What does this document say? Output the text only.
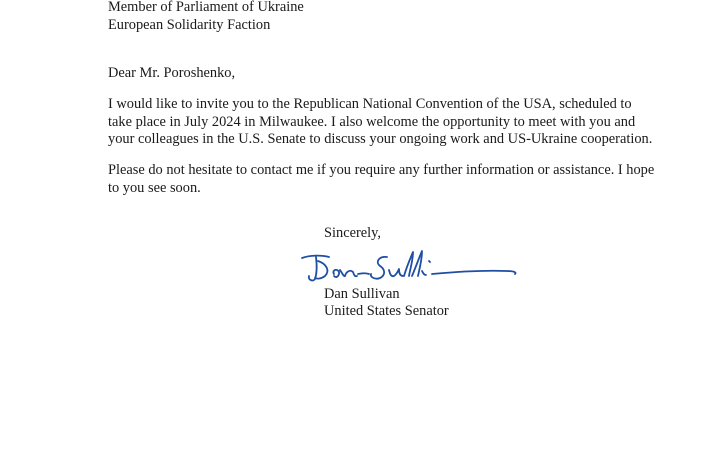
Member of Parliament of Ukraine
European Solidarity Faction
Dear Mr. Poroshenko,
I would like to invite you to the Republican National Convention of the USA, scheduled to
take place in July 2024 in Milwaukee. I also welcome the opportunity to meet with you and
your colleagues in the U.S. Senate to discuss your ongoing work and US-Ukraine cooperation.
Please do not hesitate to contact me if you require any further information or assistance. I hope
to you see soon.
Sincerely,
Dan Sullivan
United States Senator
